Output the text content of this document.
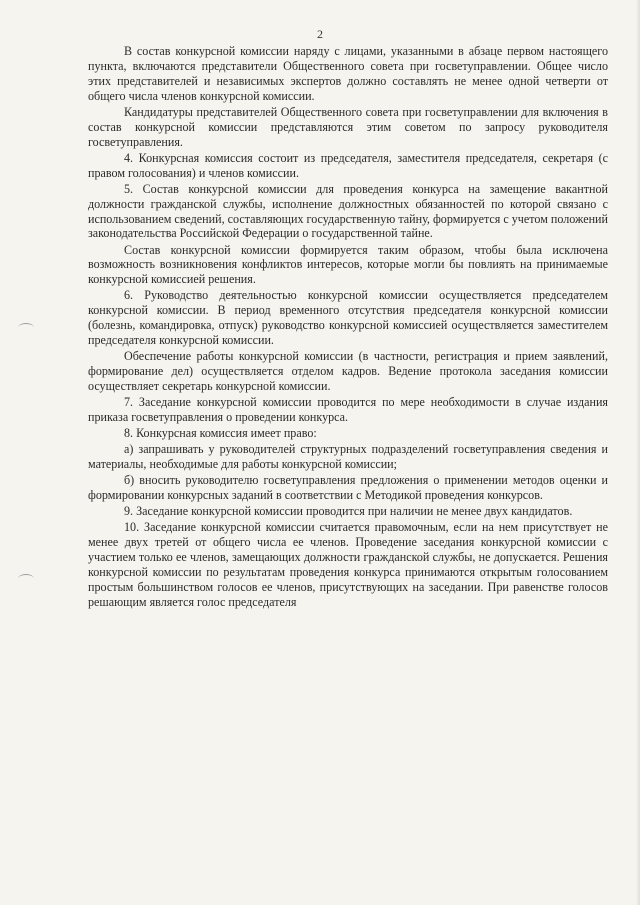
2

В состав конкурсной комиссии наряду с лицами, указанными в абзаце первом настоящего пункта, включаются представители Общественного совета при госветуправлении. Общее число этих представителей и независимых экспертов должно составлять не менее одной четверти от общего числа членов конкурсной комиссии.

Кандидатуры представителей Общественного совета при госветуправлении для включения в состав конкурсной комиссии представляются этим советом по запросу руководителя госветуправления.

4. Конкурсная комиссия состоит из председателя, заместителя председателя, секретаря (с правом голосования) и членов комиссии.

5. Состав конкурсной комиссии для проведения конкурса на замещение вакантной должности гражданской службы, исполнение должностных обязанностей по которой связано с использованием сведений, составляющих государственную тайну, формируется с учетом положений законодательства Российской Федерации о государственной тайне.

Состав конкурсной комиссии формируется таким образом, чтобы была исключена возможность возникновения конфликтов интересов, которые могли бы повлиять на принимаемые конкурсной комиссией решения.

6. Руководство деятельностью конкурсной комиссии осуществляется председателем конкурсной комиссии. В период временного отсутствия председателя конкурсной комиссии (болезнь, командировка, отпуск) руководство конкурсной комиссией осуществляется заместителем председателя конкурсной комиссии.

Обеспечение работы конкурсной комиссии (в частности, регистрация и прием заявлений, формирование дел) осуществляется отделом кадров. Ведение протокола заседания комиссии осуществляет секретарь конкурсной комиссии.

7. Заседание конкурсной комиссии проводится по мере необходимости в случае издания приказа госветуправления о проведении конкурса.

8. Конкурсная комиссия имеет право:

а) запрашивать у руководителей структурных подразделений госветуправления сведения и материалы, необходимые для работы конкурсной комиссии;

б) вносить руководителю госветуправления предложения о применении методов оценки и формировании конкурсных заданий в соответствии с Методикой проведения конкурсов.

9. Заседание конкурсной комиссии проводится при наличии не менее двух кандидатов.

10. Заседание конкурсной комиссии считается правомочным, если на нем присутствует не менее двух третей от общего числа ее членов. Проведение заседания конкурсной комиссии с участием только ее членов, замещающих должности гражданской службы, не допускается. Решения конкурсной комиссии по результатам проведения конкурса принимаются открытым голосованием простым большинством голосов ее членов, присутствующих на заседании. При равенстве голосов решающим является голос председателя
